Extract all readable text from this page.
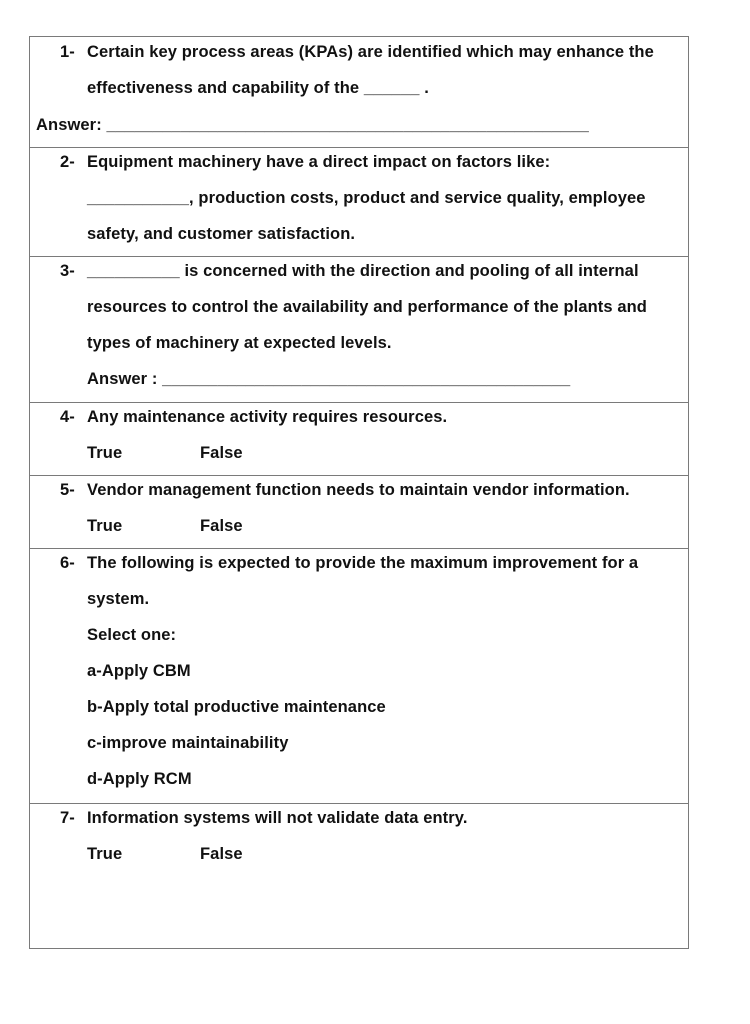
1- Certain key process areas (KPAs) are identified which may enhance the
effectiveness and capability of the ______ .
Answer: ____________________________________________________
2- Equipment machinery have a direct impact on factors like:
___________, production costs, product and service quality, employee
safety, and customer satisfaction.
3- __________ is concerned with the direction and pooling of all internal
resources to control the availability and performance of the plants and
types of machinery at expected levels.
Answer : ____________________________________________
4- Any maintenance activity requires resources.
True	False
5- Vendor management function needs to maintain vendor information.
True	False
6- The following is expected to provide the maximum improvement for a
system.
Select one:
a-Apply CBM
b-Apply total productive maintenance
c-improve maintainability
d-Apply RCM
7- Information systems will not validate data entry.
True	False
